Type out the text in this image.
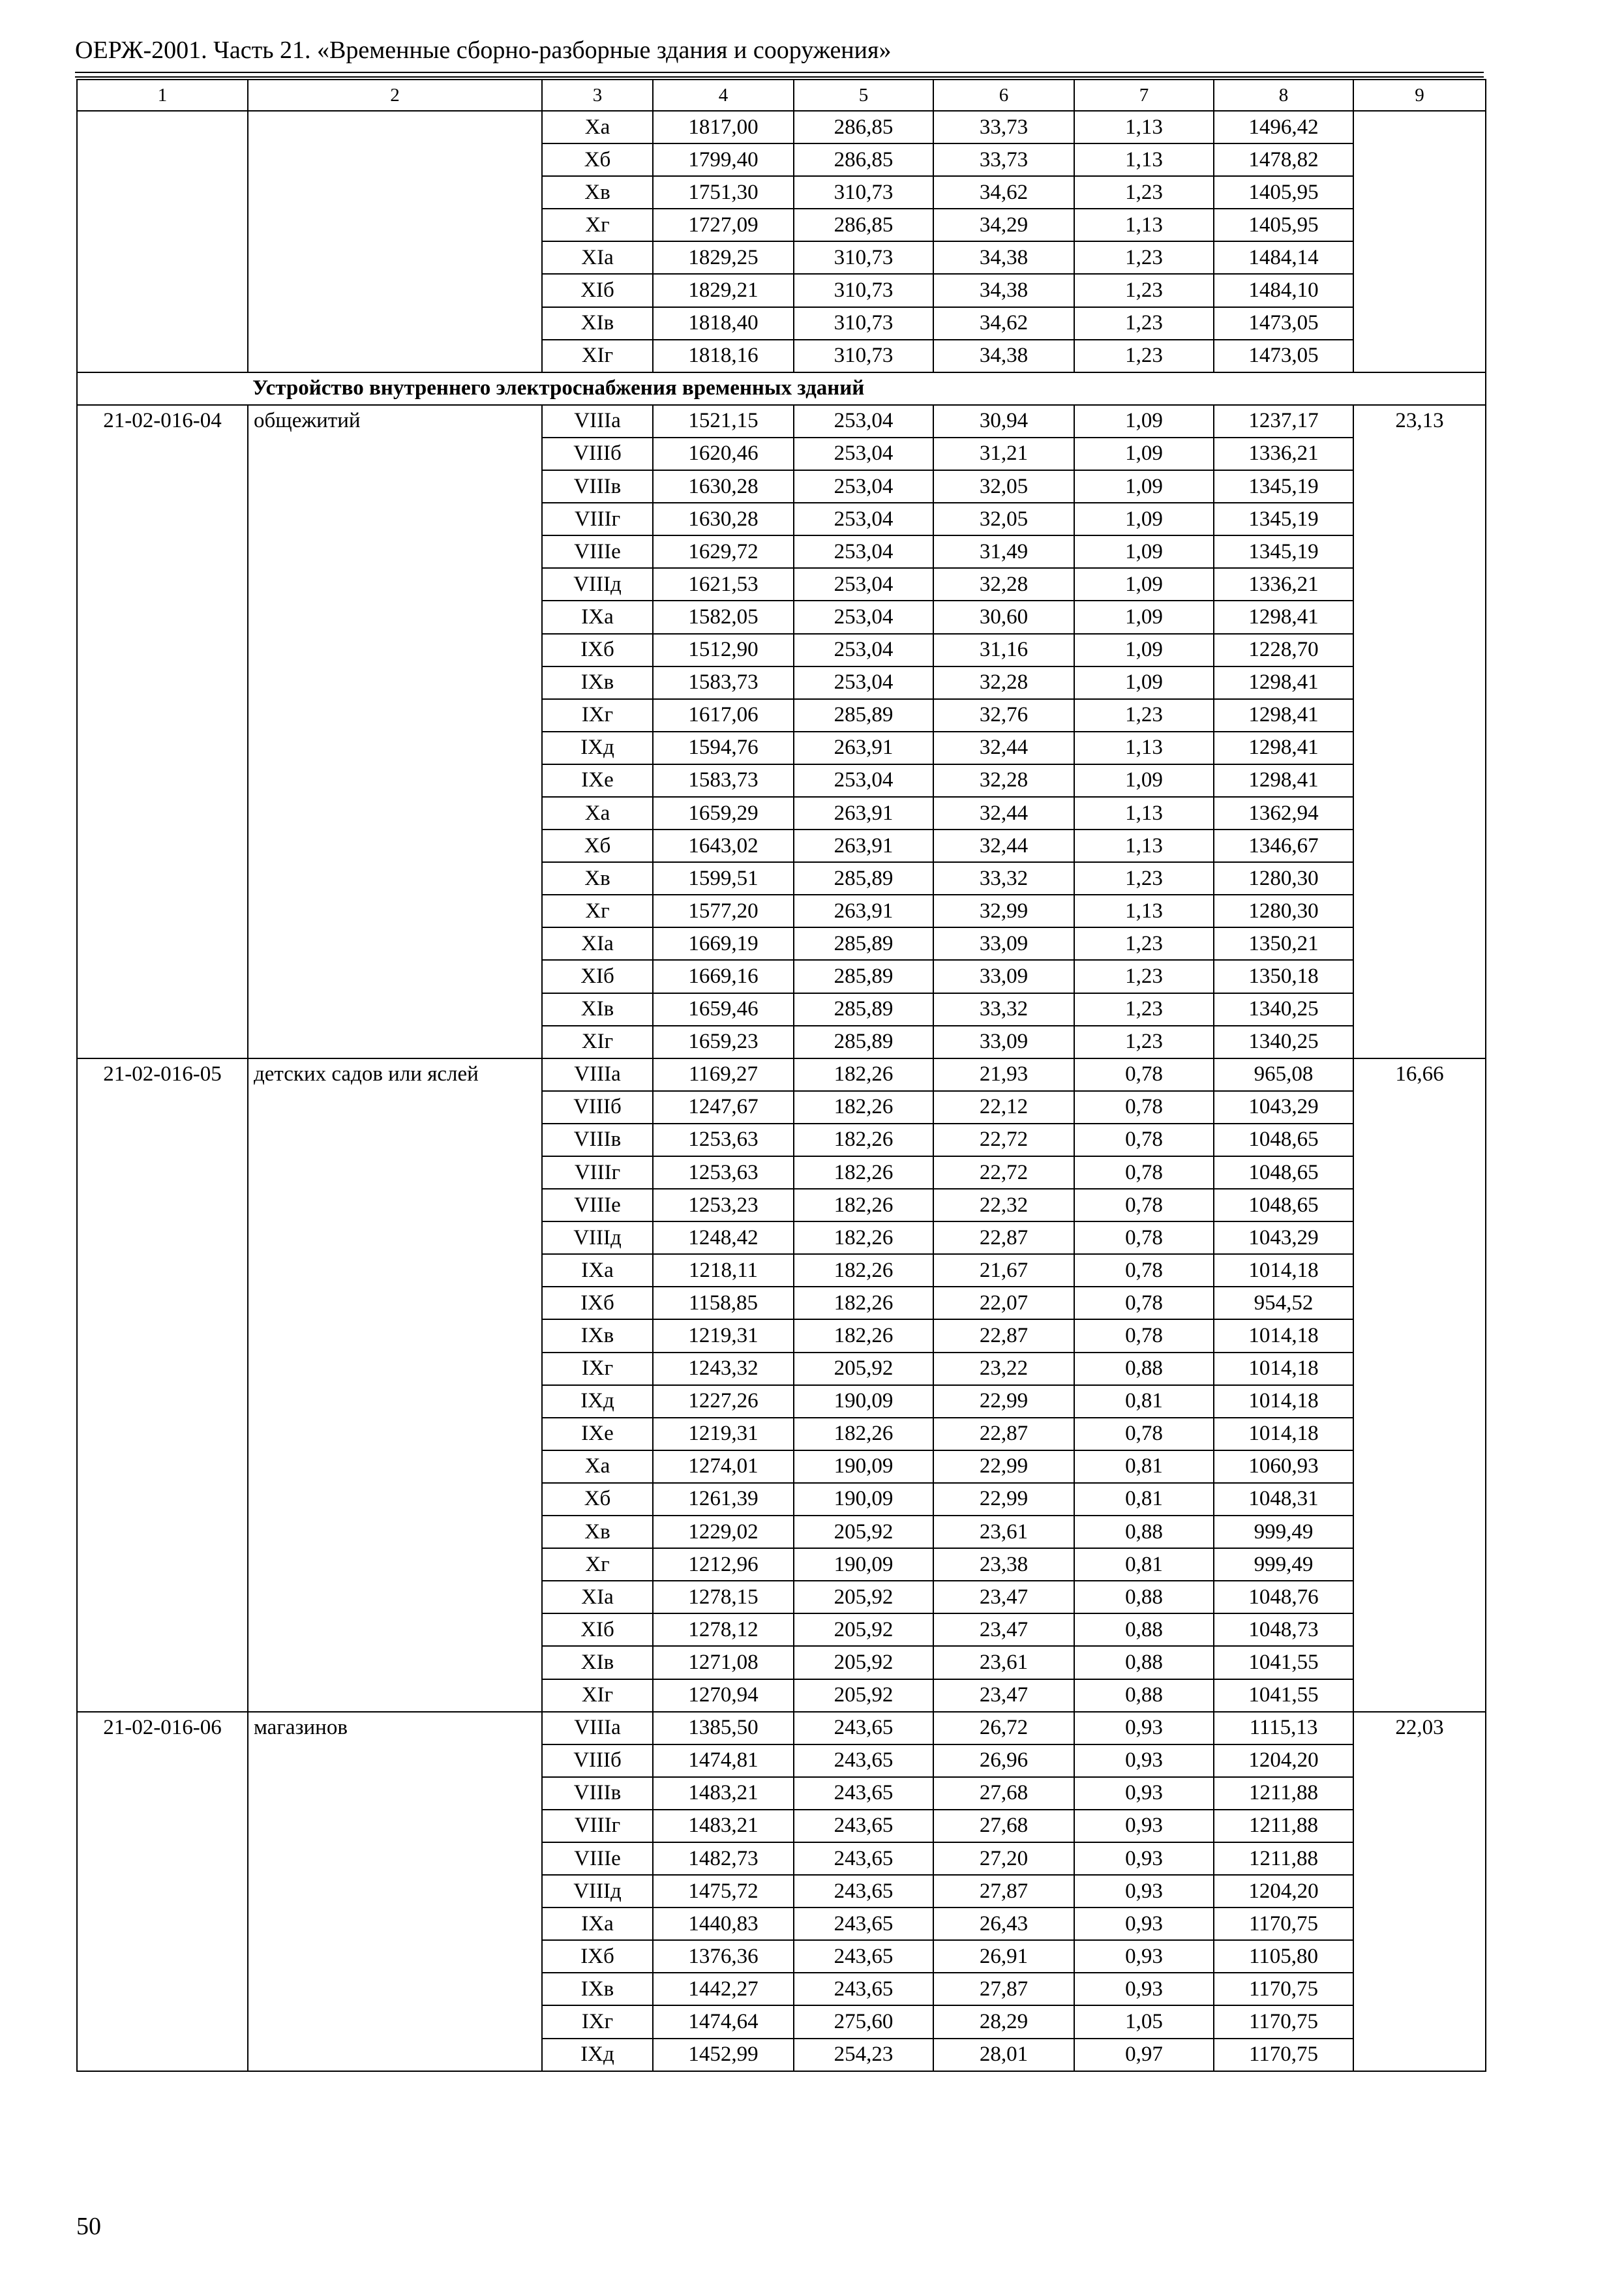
ОЕРЖ-2001. Часть 21. «Временные сборно-разборные здания и сооружения»
1	2	3	4	5	6	7	8	9
		Ха	1817,00	286,85	33,73	1,13	1496,42	
		Хб	1799,40	286,85	33,73	1,13	1478,82	
		Хв	1751,30	310,73	34,62	1,23	1405,95	
		Хг	1727,09	286,85	34,29	1,13	1405,95	
		ХIа	1829,25	310,73	34,38	1,23	1484,14	
		ХIб	1829,21	310,73	34,38	1,23	1484,10	
		ХIв	1818,40	310,73	34,62	1,23	1473,05	
		ХIг	1818,16	310,73	34,38	1,23	1473,05	
Устройство внутреннего электроснабжения временных зданий								
21-02-016-04	общежитий	VIIIа	1521,15	253,04	30,94	1,09	1237,17	23,13
		VIIIб	1620,46	253,04	31,21	1,09	1336,21	
		VIIIв	1630,28	253,04	32,05	1,09	1345,19	
		VIIIг	1630,28	253,04	32,05	1,09	1345,19	
		VIIIе	1629,72	253,04	31,49	1,09	1345,19	
		VIIIд	1621,53	253,04	32,28	1,09	1336,21	
		IХа	1582,05	253,04	30,60	1,09	1298,41	
		IХб	1512,90	253,04	31,16	1,09	1228,70	
		IХв	1583,73	253,04	32,28	1,09	1298,41	
		IХг	1617,06	285,89	32,76	1,23	1298,41	
		IХд	1594,76	263,91	32,44	1,13	1298,41	
		IХе	1583,73	253,04	32,28	1,09	1298,41	
		Ха	1659,29	263,91	32,44	1,13	1362,94	
		Хб	1643,02	263,91	32,44	1,13	1346,67	
		Хв	1599,51	285,89	33,32	1,23	1280,30	
		Хг	1577,20	263,91	32,99	1,13	1280,30	
		ХIа	1669,19	285,89	33,09	1,23	1350,21	
		ХIб	1669,16	285,89	33,09	1,23	1350,18	
		ХIв	1659,46	285,89	33,32	1,23	1340,25	
		ХIг	1659,23	285,89	33,09	1,23	1340,25	
21-02-016-05	детских садов или яслей	VIIIа	1169,27	182,26	21,93	0,78	965,08	16,66
		VIIIб	1247,67	182,26	22,12	0,78	1043,29	
		VIIIв	1253,63	182,26	22,72	0,78	1048,65	
		VIIIг	1253,63	182,26	22,72	0,78	1048,65	
		VIIIе	1253,23	182,26	22,32	0,78	1048,65	
		VIIIд	1248,42	182,26	22,87	0,78	1043,29	
		IХа	1218,11	182,26	21,67	0,78	1014,18	
		IХб	1158,85	182,26	22,07	0,78	954,52	
		IХв	1219,31	182,26	22,87	0,78	1014,18	
		IХг	1243,32	205,92	23,22	0,88	1014,18	
		IХд	1227,26	190,09	22,99	0,81	1014,18	
		IХе	1219,31	182,26	22,87	0,78	1014,18	
		Ха	1274,01	190,09	22,99	0,81	1060,93	
		Хб	1261,39	190,09	22,99	0,81	1048,31	
		Хв	1229,02	205,92	23,61	0,88	999,49	
		Хг	1212,96	190,09	23,38	0,81	999,49	
		ХIа	1278,15	205,92	23,47	0,88	1048,76	
		ХIб	1278,12	205,92	23,47	0,88	1048,73	
		ХIв	1271,08	205,92	23,61	0,88	1041,55	
		ХIг	1270,94	205,92	23,47	0,88	1041,55	
21-02-016-06	магазинов	VIIIа	1385,50	243,65	26,72	0,93	1115,13	22,03
		VIIIб	1474,81	243,65	26,96	0,93	1204,20	
		VIIIв	1483,21	243,65	27,68	0,93	1211,88	
		VIIIг	1483,21	243,65	27,68	0,93	1211,88	
		VIIIе	1482,73	243,65	27,20	0,93	1211,88	
		VIIIд	1475,72	243,65	27,87	0,93	1204,20	
		IХа	1440,83	243,65	26,43	0,93	1170,75	
		IХб	1376,36	243,65	26,91	0,93	1105,80	
		IХв	1442,27	243,65	27,87	0,93	1170,75	
		IХг	1474,64	275,60	28,29	1,05	1170,75	
		IХд	1452,99	254,23	28,01	0,97	1170,75	
50
